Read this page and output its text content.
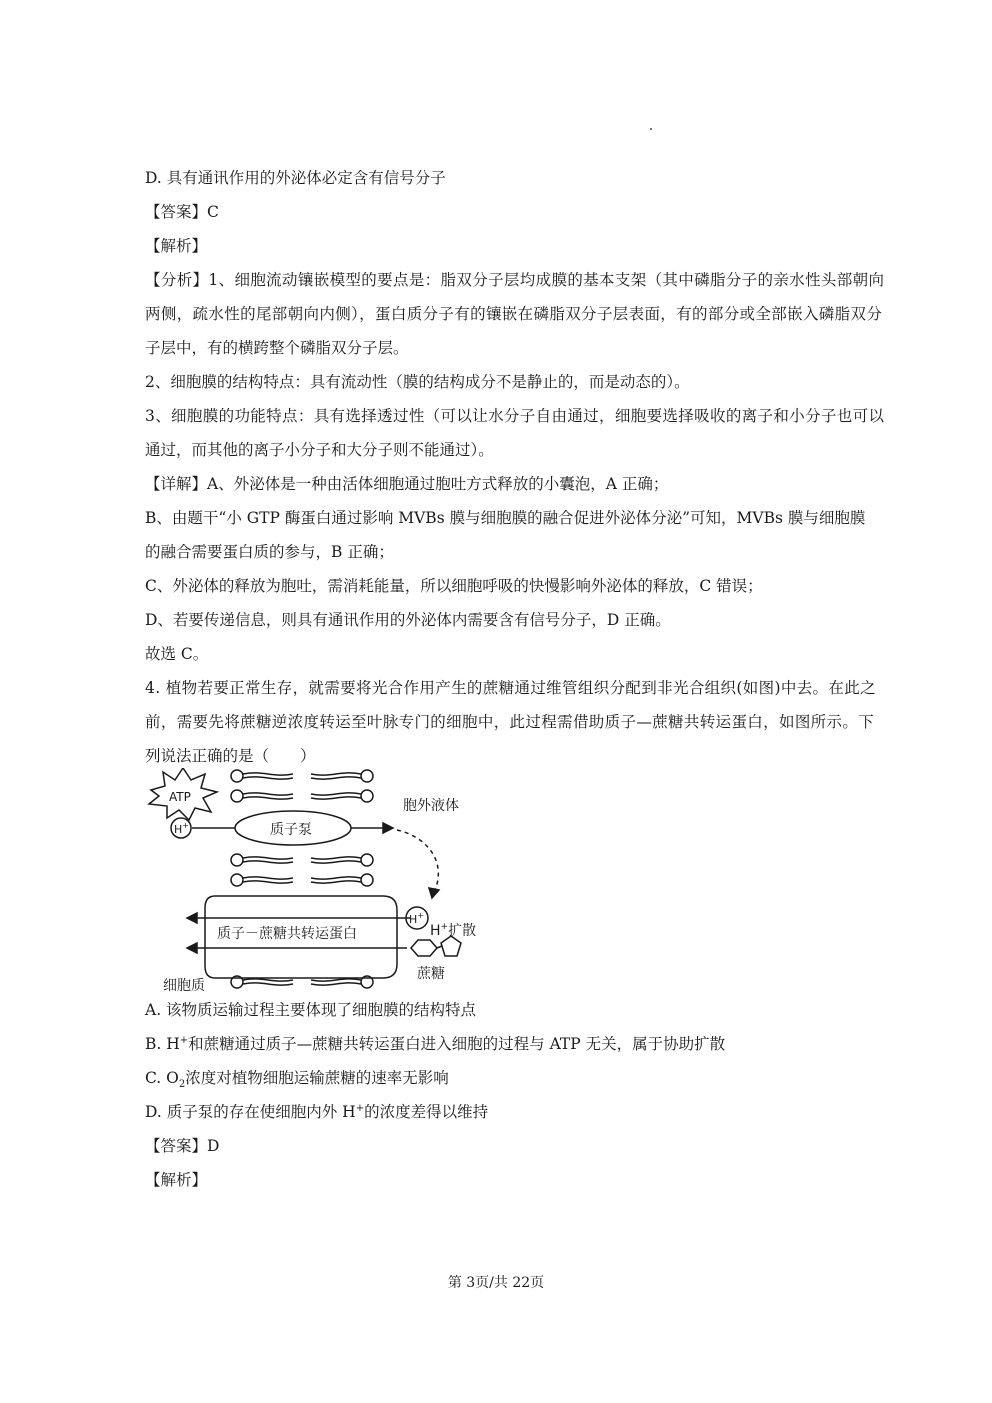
D. 具有通讯作用的外泌体必定含有信号分子
【答案】C
【解析】
【分析】1、细胞流动镶嵌模型的要点是：脂双分子层均成膜的基本支架（其中磷脂分子的亲水性头部朝向
两侧，疏水性的尾部朝向内侧），蛋白质分子有的镶嵌在磷脂双分子层表面，有的部分或全部嵌入磷脂双分
子层中，有的横跨整个磷脂双分子层。
2、细胞膜的结构特点：具有流动性（膜的结构成分不是静止的，而是动态的）。
3、细胞膜的功能特点：具有选择透过性（可以让水分子自由通过，细胞要选择吸收的离子和小分子也可以
通过，而其他的离子小分子和大分子则不能通过）。
【详解】A、外泌体是一种由活体细胞通过胞吐方式释放的小囊泡，A 正确；
B、由题干“小 GTP 酶蛋白通过影响 MVBs 膜与细胞膜的融合促进外泌体分泌”可知，MVBs 膜与细胞膜
的融合需要蛋白质的参与，B 正确；
C、外泌体的释放为胞吐，需消耗能量，所以细胞呼吸的快慢影响外泌体的释放，C 错误；
D、若要传递信息，则具有通讯作用的外泌体内需要含有信号分子，D 正确。
故选 C。
4. 植物若要正常生存，就需要将光合作用产生的蔗糖通过维管组织分配到非光合组织(如图)中去。在此之
前，需要先将蔗糖逆浓度转运至叶脉专门的细胞中，此过程需借助质子—蔗糖共转运蛋白，如图所示。下
列说法正确的是（　　）
ATP
H+	质子泵
胞外液体
质子－蔗糖共转运蛋白
H+
H+扩散
蔗糖
细胞质
A. 该物质运输过程主要体现了细胞膜的结构特点
B. H+和蔗糖通过质子—蔗糖共转运蛋白进入细胞的过程与 ATP 无关，属于协助扩散
C. $O_2$浓度对植物细胞运输蔗糖的速率无影响
D. 质子泵的存在使细胞内外 H+的浓度差得以维持
【答案】D
【解析】
第 3页/共 22页
